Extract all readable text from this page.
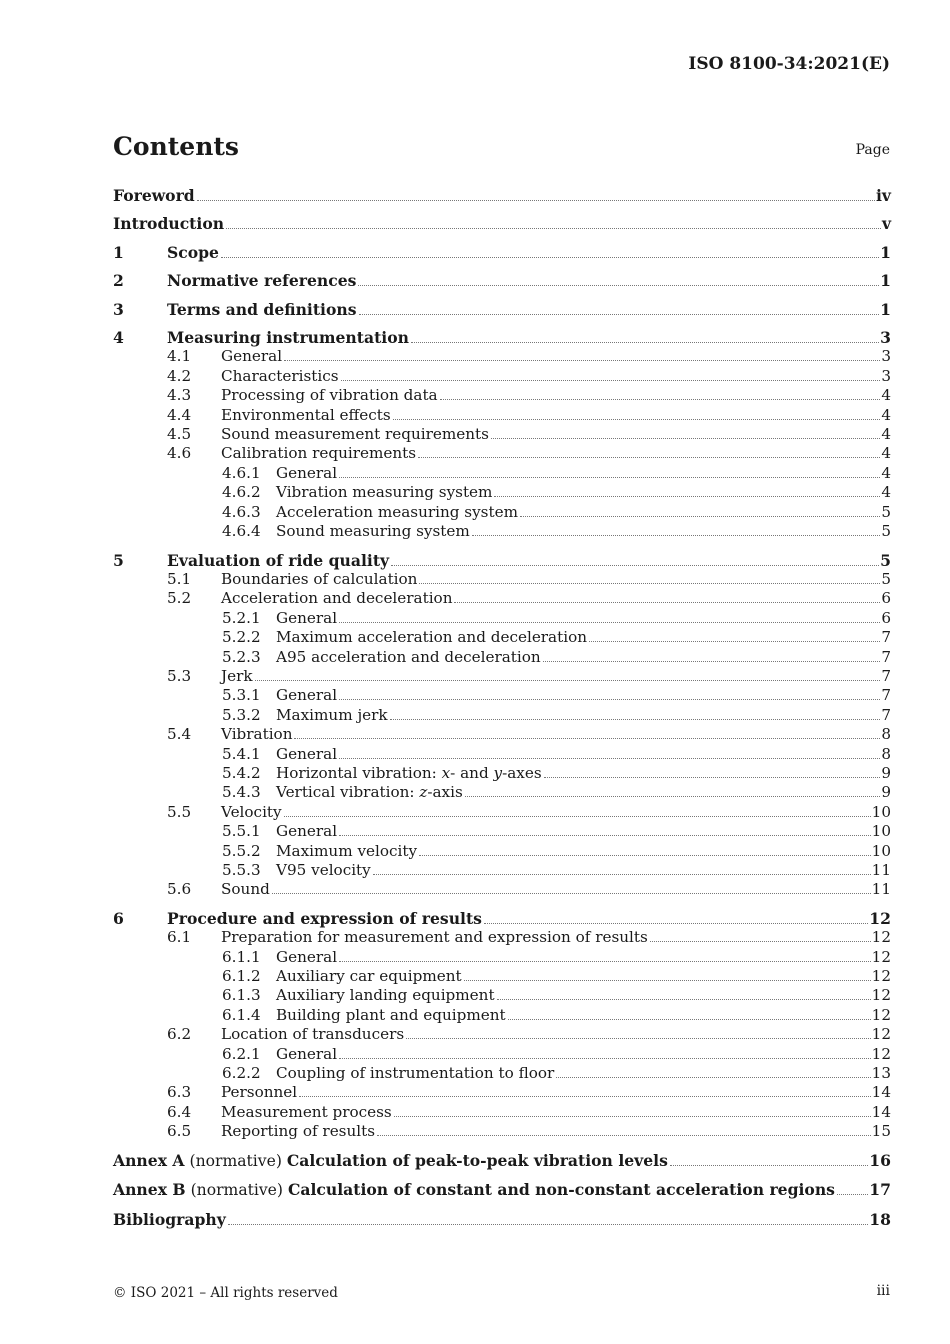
ISO 8100-34:2021(E)
Contents	Page
Foreword	iv
Introduction	v
1	Scope	1
2	Normative references	1
3	Terms and definitions	1
4	Measuring instrumentation	3
4.1	General	3
4.2	Characteristics	3
4.3	Processing of vibration data	4
4.4	Environmental effects	4
4.5	Sound measurement requirements	4
4.6	Calibration requirements	4
4.6.1	General	4
4.6.2	Vibration measuring system	4
4.6.3	Acceleration measuring system	5
4.6.4	Sound measuring system	5
5	Evaluation of ride quality	5
5.1	Boundaries of calculation	5
5.2	Acceleration and deceleration	6
5.2.1	General	6
5.2.2	Maximum acceleration and deceleration	7
5.2.3	A95 acceleration and deceleration	7
5.3	Jerk	7
5.3.1	General	7
5.3.2	Maximum jerk	7
5.4	Vibration	8
5.4.1	General	8
5.4.2	Horizontal vibration: x- and y-axes	9
5.4.3	Vertical vibration: z-axis	9
5.5	Velocity	10
5.5.1	General	10
5.5.2	Maximum velocity	10
5.5.3	V95 velocity	11
5.6	Sound	11
6	Procedure and expression of results	12
6.1	Preparation for measurement and expression of results	12
6.1.1	General	12
6.1.2	Auxiliary car equipment	12
6.1.3	Auxiliary landing equipment	12
6.1.4	Building plant and equipment	12
6.2	Location of transducers	12
6.2.1	General	12
6.2.2	Coupling of instrumentation to floor	13
6.3	Personnel	14
6.4	Measurement process	14
6.5	Reporting of results	15
Annex A (normative) Calculation of peak-to-peak vibration levels	16
Annex B (normative) Calculation of constant and non-constant acceleration regions 17
Bibliography	18
© ISO 2021 – All rights reserved	iii
